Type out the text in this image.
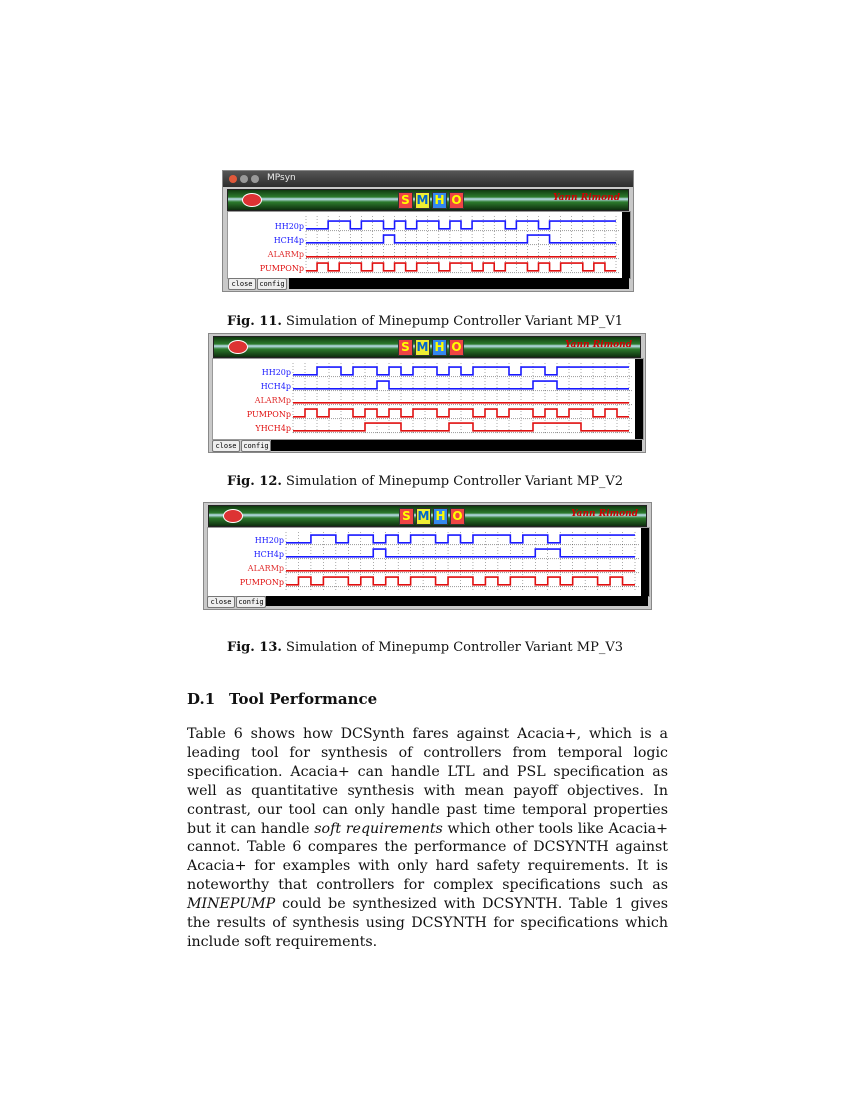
MPsyn
S M H O	Yann Rimond
HH20p
HCH4p
ALARMp
PUMPONp
close config
Fig. 11. Simulation of Minepump Controller Variant MP_V1
S M H O	Yann Rimond
HH20p
HCH4p
ALARMp
PUMPONp
YHCH4p
close config
Fig. 12. Simulation of Minepump Controller Variant MP_V2
S M H O	Yann Rimond
HH20p
HCH4p
ALARMp
PUMPONp
close config
Fig. 13. Simulation of Minepump Controller Variant MP_V3
D.1 Tool Performance
Table 6 shows how DCSynth fares against Acacia+, which is a leading tool for synthesis of controllers from temporal logic specification. Acacia+ can handle LTL and PSL specification as well as quantitative synthesis with mean payoff objectives. In contrast, our tool can only handle past time temporal properties but it can handle soft requirements which other tools like Acacia+ cannot. Table 6 compares the performance of DCSYNTH against Acacia+ for examples with only hard safety requirements. It is noteworthy that controllers for complex specifications such as MINEPUMP could be synthesized with DCSYNTH. Table 1 gives the results of synthesis using DCSYNTH for specifications which include soft requirements.
